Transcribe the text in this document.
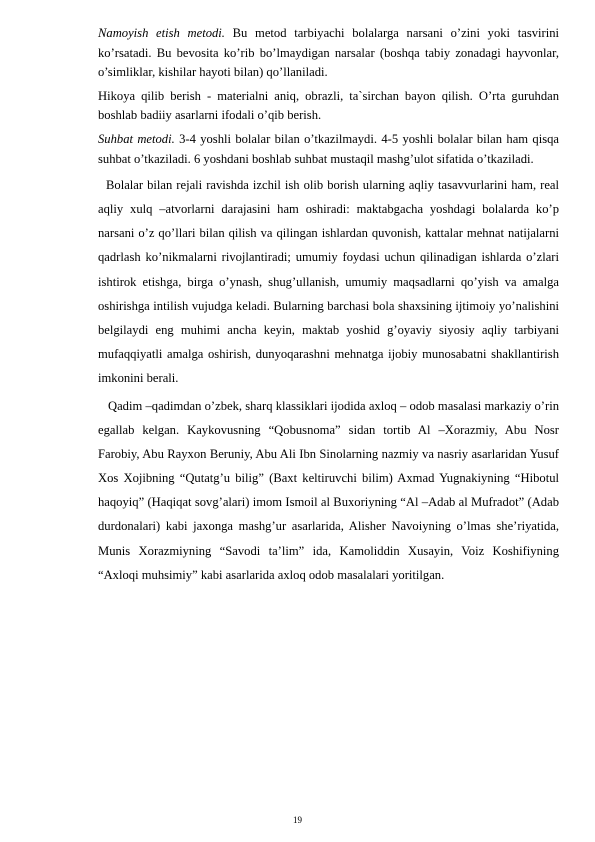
Namoyish etish metodi. Bu metod tarbiyachi bolalarga narsani o’zini yoki tasvirini ko’rsatadi. Bu bevosita ko’rib bo’lmaydigan narsalar (boshqa tabiy zonadagi hayvonlar, o’simliklar, kishilar hayoti bilan) qo’llaniladi.

Hikoya qilib berish - materialni aniq, obrazli, ta`sirchan bayon qilish. O’rta guruhdan boshlab badiiy asarlarni ifodali o’qib berish.

Suhbat metodi. 3-4 yoshli bolalar bilan o’tkazilmaydi. 4-5 yoshli bolalar bilan ham qisqa suhbat o’tkaziladi. 6 yoshdani boshlab suhbat mustaqil mashg’ulot sifatida o’tkaziladi.

Bolalar bilan rejali ravishda izchil ish olib borish ularning aqliy tasavvurlarini ham, real aqliy xulq –atvorlarni darajasini ham oshiradi: maktabgacha yoshdagi bolalarda ko’p narsani o’z qo’llari bilan qilish va qilingan ishlardan quvonish, kattalar mehnat natijalarni qadrlash ko’nikmalarni rivojlantiradi; umumiy foydasi uchun qilinadigan ishlarda o’zlari ishtirok etishga, birga o’ynash, shug’ullanish, umumiy maqsadlarni qo’yish va amalga oshirishga intilish vujudga keladi. Bularning barchasi bola shaxsining ijtimoiy yo’nalishini belgilaydi eng muhimi ancha keyin, maktab yoshid g’oyaviy siyosiy aqliy tarbiyani mufaqqiyatli amalga oshirish, dunyoqarashni mehnatga ijobiy munosabatni shakllantirish imkonini berali.

Qadim –qadimdan o’zbek, sharq klassiklari ijodida axloq – odob masalasi markaziy o’rin egallab kelgan. Kaykovusning “Qobusnoma” sidan tortib Al –Xorazmiy, Abu Nosr Farobiy, Abu Rayxon Beruniy, Abu Ali Ibn Sinolarning nazmiy va nasriy asarlaridan Yusuf Xos Xojibning “Qutatg’u bilig” (Baxt keltiruvchi bilim) Axmad Yugnakiyning “Hibotul haqoyiq” (Haqiqat sovg’alari) imom Ismoil al Buxoriyning “Al –Adab al Mufradot” (Adab durdonalari) kabi jaxonga mashg’ur asarlarida, Alisher Navoiyning o’lmas she’riyatida, Munis Xorazmiyning “Savodi ta’lim” ida, Kamoliddin Xusayin, Voiz Koshifiyning “Axloqi muhsimiy” kabi asarlarida axloq odob masalalari yoritilgan.

19
